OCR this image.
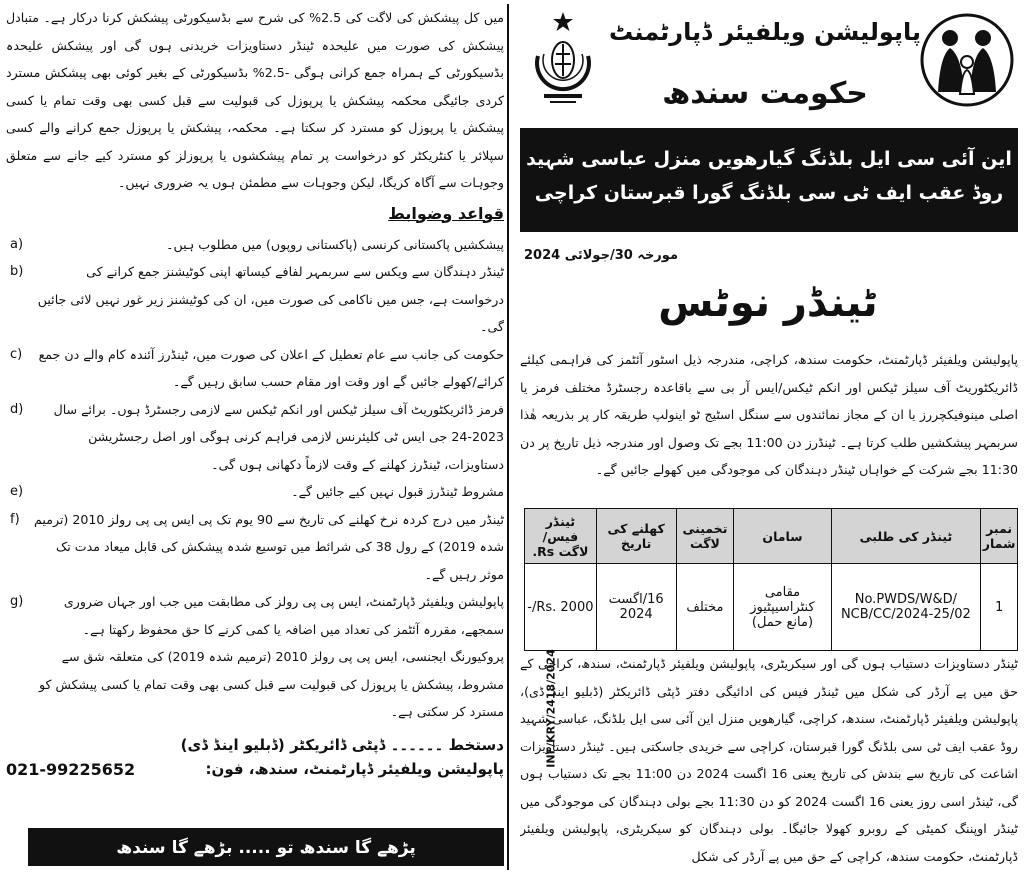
میں کل پیشکش کی لاگت کی 2.5% کی شرح سے بڈسیکورٹی پیشکش کرنا درکار ہے۔ متبادل پیشکش کی صورت میں علیحدہ ٹینڈر دستاویزات خریدنی ہوں گی اور پیشکش علیحدہ بڈسیکورٹی کے ہمراہ جمع کرانی ہوگی -2.5% بڈسیکورٹی کے بغیر کوئی بھی پیشکش مسترد کردی جائیگی محکمہ پیشکش یا پرپوزل کی قبولیت سے قبل کسی بھی وقت تمام یا کسی پیشکش یا پرپوزل کو مسترد کر سکتا ہے۔ محکمہ، پیشکش یا پرپوزل جمع کرانے والے کسی سپلائر یا کنٹریکٹر کو درخواست پر تمام پیشکشوں یا پرپوزلز کو مسترد کیے جانے سے متعلق وجوہات سے آگاہ کریگا، لیکن وجوہات سے مطمئن ہوں یہ ضروری نہیں۔

قواعد وضوابط
a)	پیشکشیں پاکستانی کرنسی (پاکستانی روپوں) میں مطلوب ہیں۔
b)	ٹینڈر دہندگان سے ویکس سے سربمہر لفافے کیساتھ اپنی کوٹیشنز جمع کرانے کی درخواست ہے، جس میں ناکامی کی صورت میں، ان کی کوٹیشنز زیر غور نہیں لائی جائیں گی۔
c)	حکومت کی جانب سے عام تعطیل کے اعلان کی صورت میں، ٹینڈرز آئندہ کام والے دن جمع کرائے/کھولے جائیں گے اور وقت اور مقام حسب سابق رہیں گے۔
d)	فرمز ڈائریکٹوریٹ آف سیلز ٹیکس اور انکم ٹیکس سے لازمی رجسٹرڈ ہوں۔ برائے سال 2023-24 جی ایس ٹی کلیئرنس لازمی فراہم کرنی ہوگی اور اصل رجسٹریشن دستاویزات، ٹینڈرز کھلنے کے وقت لازماً دکھانی ہوں گی۔
e)	مشروط ٹینڈرز قبول نہیں کیے جائیں گے۔
f) ٹینڈر میں درج کردہ نرخ کھلنے کی تاریخ سے 90 یوم تک پی ایس پی پی رولز 2010 (ترمیم شدہ 2019) کے رول 38 کی شرائط میں توسیع شدہ پیشکش کی قابل میعاد مدت تک موثر رہیں گے۔
g)	پاپولیشن ویلفیئر ڈپارٹمنٹ، ایس پی پی رولز کی مطابقت میں جب اور جہاں ضروری سمجھے، مقررہ آئٹمز کی تعداد میں اضافہ یا کمی کرنے کا حق محفوظ رکھتا ہے۔ پروکیورنگ ایجنسی، ایس پی پی رولز 2010 (ترمیم شدہ 2019) کی متعلقہ شق سے مشروط، پیشکش یا پرپوزل کی قبولیت سے قبل کسی بھی وقت تمام یا کسی پیشکش کو مسترد کر سکتی ہے۔
دستخط ۔۔۔۔۔۔ ڈپٹی ڈائریکٹر (ڈبلیو اینڈ ڈی)
پاپولیشن ویلفیئر ڈپارٹمنٹ، سندھ، فون:
021-99225652
پڑھے گا سندھ تو ..... بڑھے گا سندھ
INF/KRY/2418/2024
پاپولیشن ویلفیئر ڈپارٹمنٹ
حکومت سندھ
این آئی سی ایل بلڈنگ گیارھویں منزل عباسی شہید روڈ عقب ایف ٹی سی بلڈنگ گورا قبرستان کراچی
مورخہ 30/جولائی 2024
ٹینڈر نوٹس

پاپولیشن ویلفیئر ڈپارٹمنٹ، حکومت سندھ، کراچی، مندرجہ ذیل اسٹور آئٹمز کی فراہمی کیلئے ڈائریکٹوریٹ آف سیلز ٹیکس اور انکم ٹیکس/ایس آر بی سے باقاعدہ رجسٹرڈ مختلف فرمز یا اصلی مینوفیکچررز یا ان کے مجاز نمائندوں سے سنگل اسٹیج ٹو اینولپ طریقہ کار پر بذریعہ ھٰذا سربمہر پیشکشیں طلب کرتا ہے۔ ٹینڈرز دن 11:00 بجے تک وصول اور مندرجہ ذیل تاریخ پر دن 11:30 بجے شرکت کے خواہاں ٹینڈر دہندگان کی موجودگی میں کھولے جائیں گے۔

نمبر شمار	ٹینڈر کی طلبی	سامان	تخمینی لاگت	کھلنے کی تاریخ	ٹینڈر فیس/ لاگت Rs.
1	No.PWDS/W&D/ NCB/CC/2024-25/02	مقامی کنٹراسیپٹیوز (مانع حمل)	مختلف	16/اگست 2024	Rs. 2000/-

ٹینڈر دستاویزات دستیاب ہوں گی اور سیکریٹری، پاپولیشن ویلفیئر ڈپارٹمنٹ، سندھ، کراچی کے حق میں پے آرڈر کی شکل میں ٹینڈر فیس کی ادائیگی دفتر ڈپٹی ڈائریکٹر (ڈبلیو اینڈ ڈی)، پاپولیشن ویلفیئر ڈپارٹمنٹ، سندھ، کراچی، گیارھویں منزل این آئی سی ایل بلڈنگ، عباسی شہید روڈ عقب ایف ٹی سی بلڈنگ گورا قبرستان، کراچی سے خریدی جاسکتی ہیں۔ ٹینڈر دستاویزات اشاعت کی تاریخ سے بندش کی تاریخ یعنی 16 اگست 2024 دن 11:00 بجے تک دستیاب ہوں گی، ٹینڈر اسی روز یعنی 16 اگست 2024 کو دن 11:30 بجے بولی دہندگان کی موجودگی میں ٹینڈر اوپننگ کمیٹی کے روبرو کھولا جائیگا۔ بولی دہندگان کو سیکریٹری، پاپولیشن ویلفیئر ڈپارٹمنٹ، حکومت سندھ، کراچی کے حق میں پے آرڈر کی شکل
